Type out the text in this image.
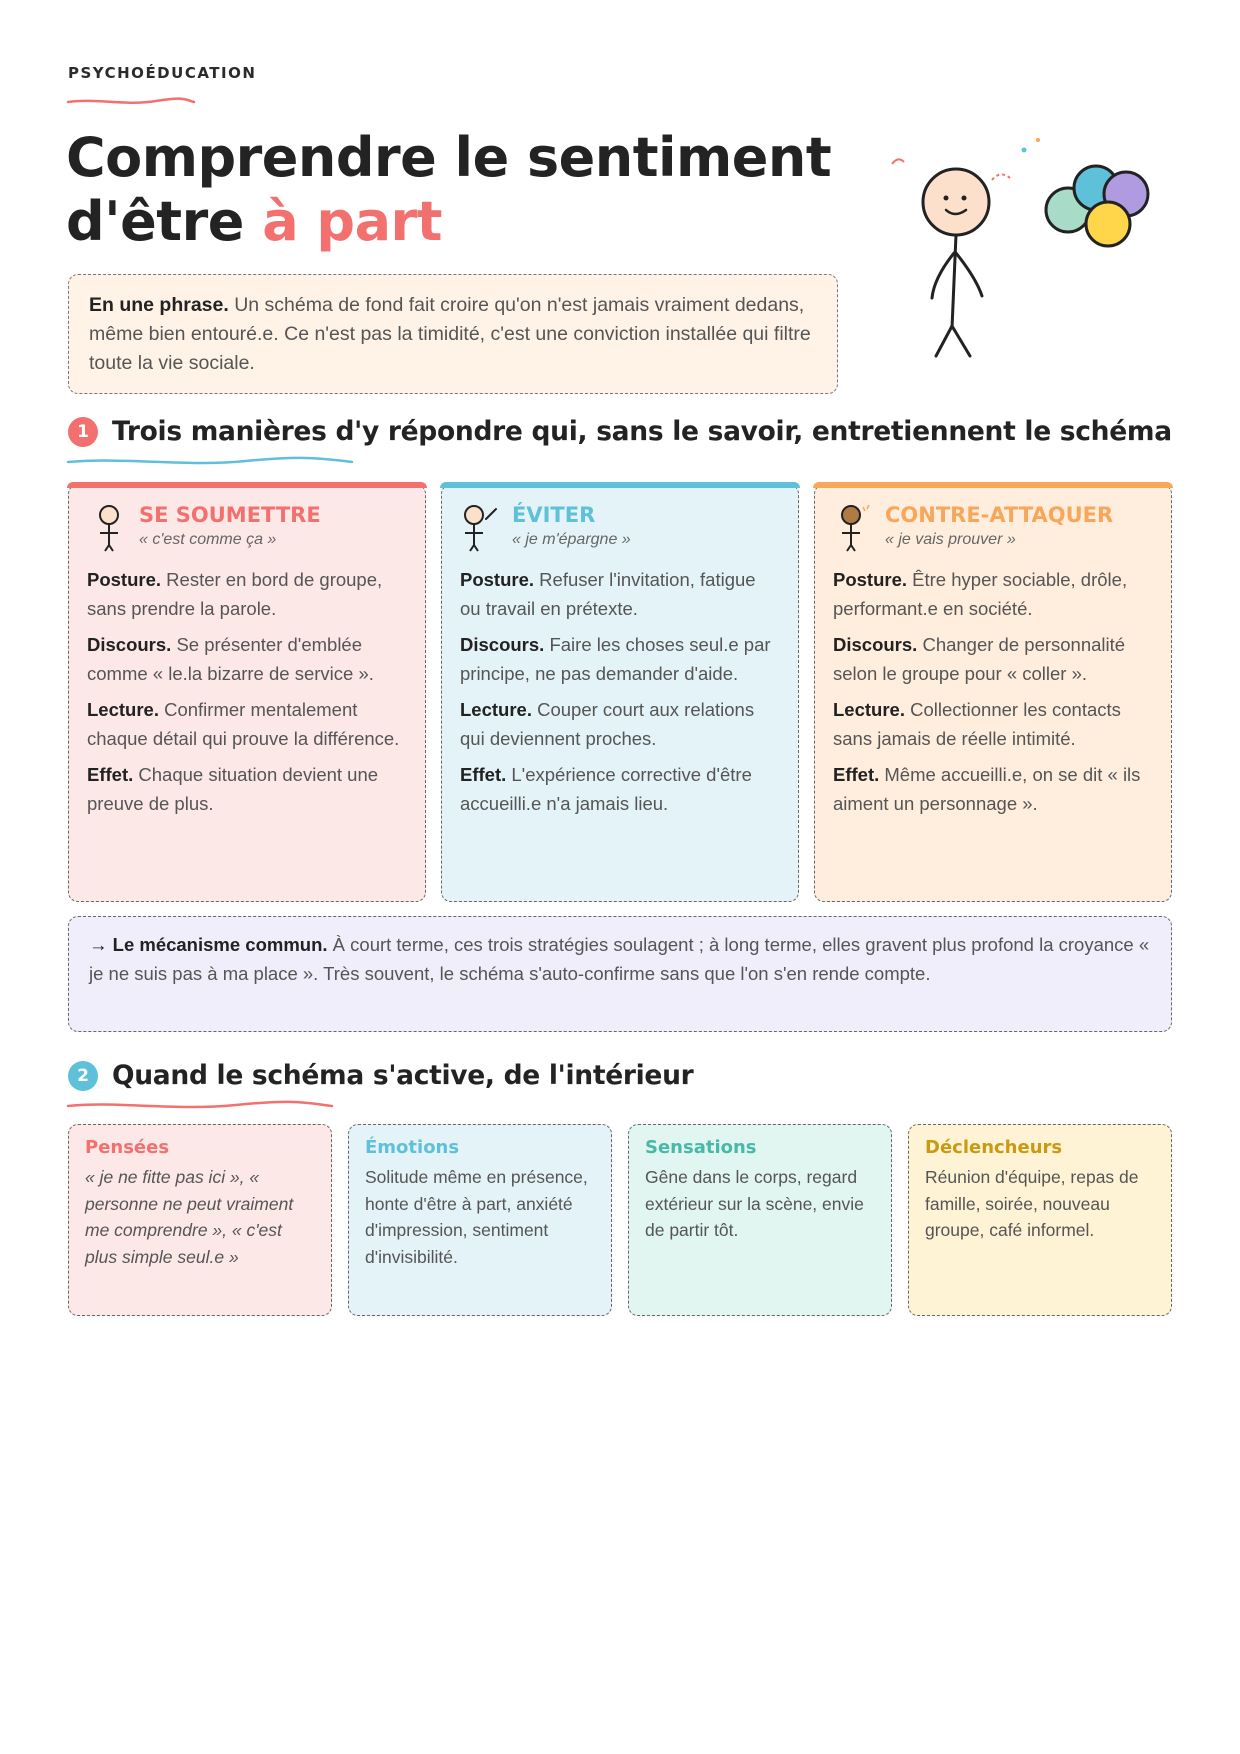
PSYCHOÉDUCATION
Comprendre le sentiment
d'être à part
En une phrase. Un schéma de fond fait croire qu'on n'est jamais vraiment dedans, même bien entouré.e. Ce n'est pas la timidité, c'est une conviction installée qui filtre toute la vie sociale.
1 Trois manières d'y répondre qui, sans le savoir, entretiennent le schéma
SE SOUMETTRE
« c'est comme ça »

Posture. Rester en bord de groupe, sans prendre la parole.

Discours. Se présenter d'emblée comme « le.la bizarre de service ».

Lecture. Confirmer mentalement chaque détail qui prouve la différence.

Effet. Chaque situation devient une preuve de plus.

ÉVITER
« je m'épargne »

Posture. Refuser l'invitation, fatigue ou travail en prétexte.

Discours. Faire les choses seul.e par principe, ne pas demander d'aide.

Lecture. Couper court aux relations qui deviennent proches.

Effet. L'expérience corrective d'être accueilli.e n'a jamais lieu.

CONTRE-ATTAQUER
« je vais prouver »

Posture. Être hyper sociable, drôle, performant.e en société.

Discours. Changer de personnalité selon le groupe pour « coller ».

Lecture. Collectionner les contacts sans jamais de réelle intimité.

Effet. Même accueilli.e, on se dit « ils aiment un personnage ».

→ Le mécanisme commun. À court terme, ces trois stratégies soulagent ; à long terme, elles gravent plus profond la croyance « je ne suis pas à ma place ». Très souvent, le schéma s'auto-confirme sans que l'on s'en rende compte.
2 Quand le schéma s'active, de l'intérieur
Pensées
« je ne fitte pas ici », « personne ne peut vraiment me comprendre », « c'est plus simple seul.e »
Émotions
Solitude même en présence, honte d'être à part, anxiété d'impression, sentiment d'invisibilité.
Sensations
Gêne dans le corps, regard extérieur sur la scène, envie de partir tôt.
Déclencheurs
Réunion d'équipe, repas de famille, soirée, nouveau groupe, café informel.
